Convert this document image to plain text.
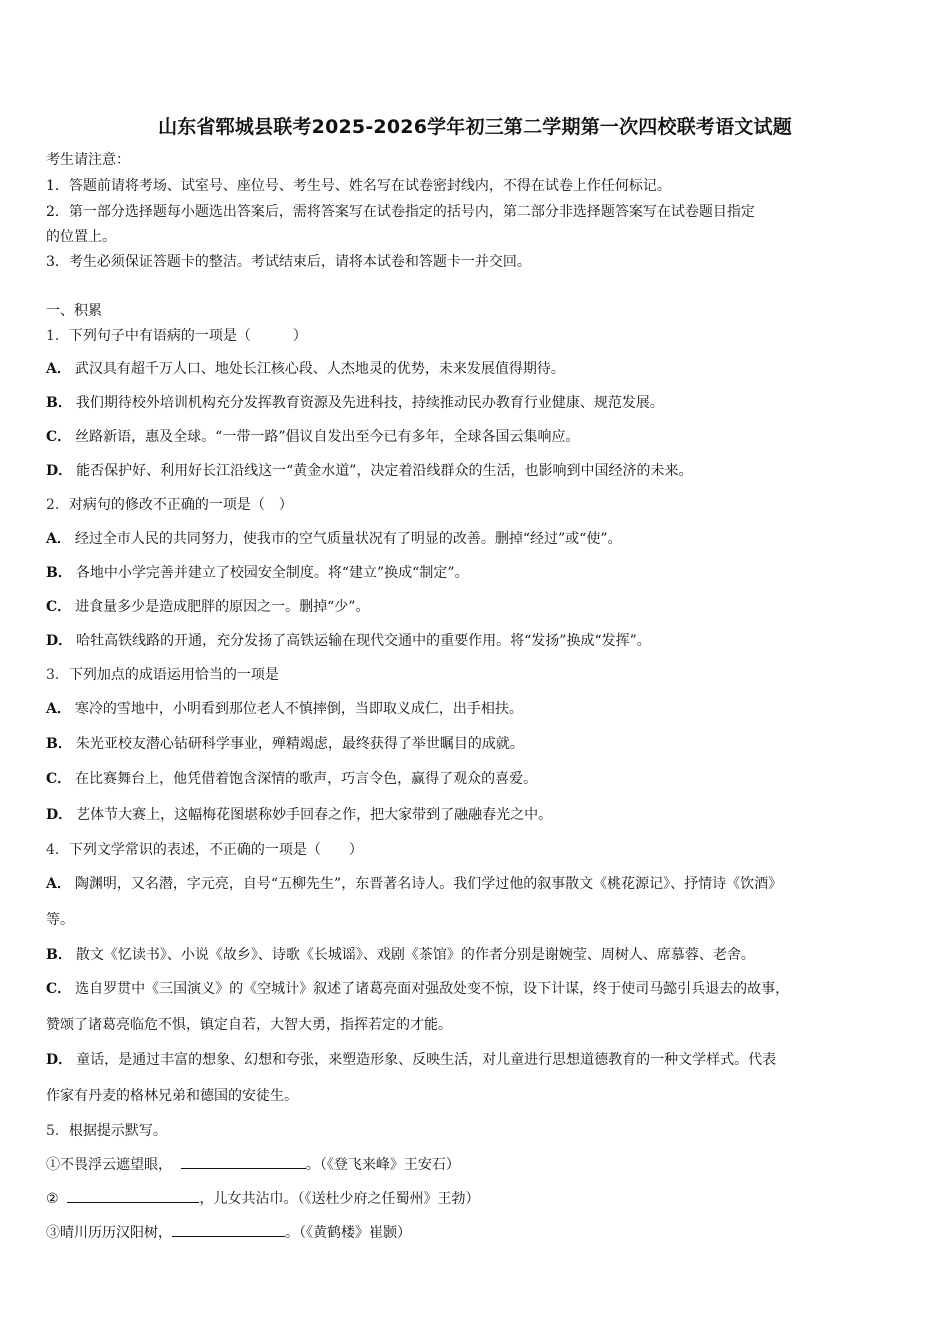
山东省郓城县联考2025-2026学年初三第二学期第一次四校联考语文试题
考生请注意：
1．答题前请将考场、试室号、座位号、考生号、姓名写在试卷密封线内，不得在试卷上作任何标记。
2．第一部分选择题每小题选出答案后，需将答案写在试卷指定的括号内，第二部分非选择题答案写在试卷题目指定
的位置上。
3．考生必须保证答题卡的整洁。考试结束后，请将本试卷和答题卡一并交回。
一、积累
1．下列句子中有语病的一项是（　　　）
A． 武汉具有超千万人口、地处长江核心段、人杰地灵的优势，未来发展值得期待。
B． 我们期待校外培训机构充分发挥教育资源及先进科技，持续推动民办教育行业健康、规范发展。
C． 丝路新语，惠及全球。“一带一路”倡议自发出至今已有多年，全球各国云集响应。
D． 能否保护好、利用好长江沿线这一“黄金水道”，决定着沿线群众的生活，也影响到中国经济的未来。
2．对病句的修改不正确的一项是（　）
A． 经过全市人民的共同努力，使我市的空气质量状况有了明显的改善。删掉“经过”或“使”。
B． 各地中小学完善并建立了校园安全制度。将“建立”换成“制定”。
C． 进食量多少是造成肥胖的原因之一。删掉“少”。
D． 哈牡高铁线路的开通，充分发扬了高铁运输在现代交通中的重要作用。将“发扬”换成“发挥”。
3．下列加点的成语运用恰当的一项是
A． 寒冷的雪地中，小明看到那位老人不慎摔倒，当即取义成仁，出手相扶。
B． 朱光亚校友潜心钻研科学事业，殚精竭虑，最终获得了举世瞩目的成就。
C． 在比赛舞台上，他凭借着饱含深情的歌声，巧言令色，赢得了观众的喜爱。
D． 艺体节大赛上，这幅梅花图堪称妙手回春之作，把大家带到了融融春光之中。
4．下列文学常识的表述，不正确的一项是（　　）
A． 陶渊明，又名潜，字元亮，自号“五柳先生”，东晋著名诗人。我们学过他的叙事散文《桃花源记》、抒情诗《饮酒》
等。
B． 散文《忆读书》、小说《故乡》、诗歌《长城谣》、戏剧《茶馆》的作者分别是谢婉莹、周树人、席慕蓉、老舍。
C． 选自罗贯中《三国演义》的《空城计》叙述了诸葛亮面对强敌处变不惊，设下计谋，终于使司马懿引兵退去的故事，
赞颂了诸葛亮临危不惧，镇定自若，大智大勇，指挥若定的才能。
D． 童话，是通过丰富的想象、幻想和夸张，来塑造形象、反映生活，对儿童进行思想道德教育的一种文学样式。代表
作家有丹麦的格林兄弟和德国的安徒生。
5．根据提示默写。
①不畏浮云遮望眼，	。（《登飞来峰》王安石）
②	，儿女共沾巾。（《送杜少府之任蜀州》王勃）
③晴川历历汉阳树，	。（《黄鹤楼》崔颢）
